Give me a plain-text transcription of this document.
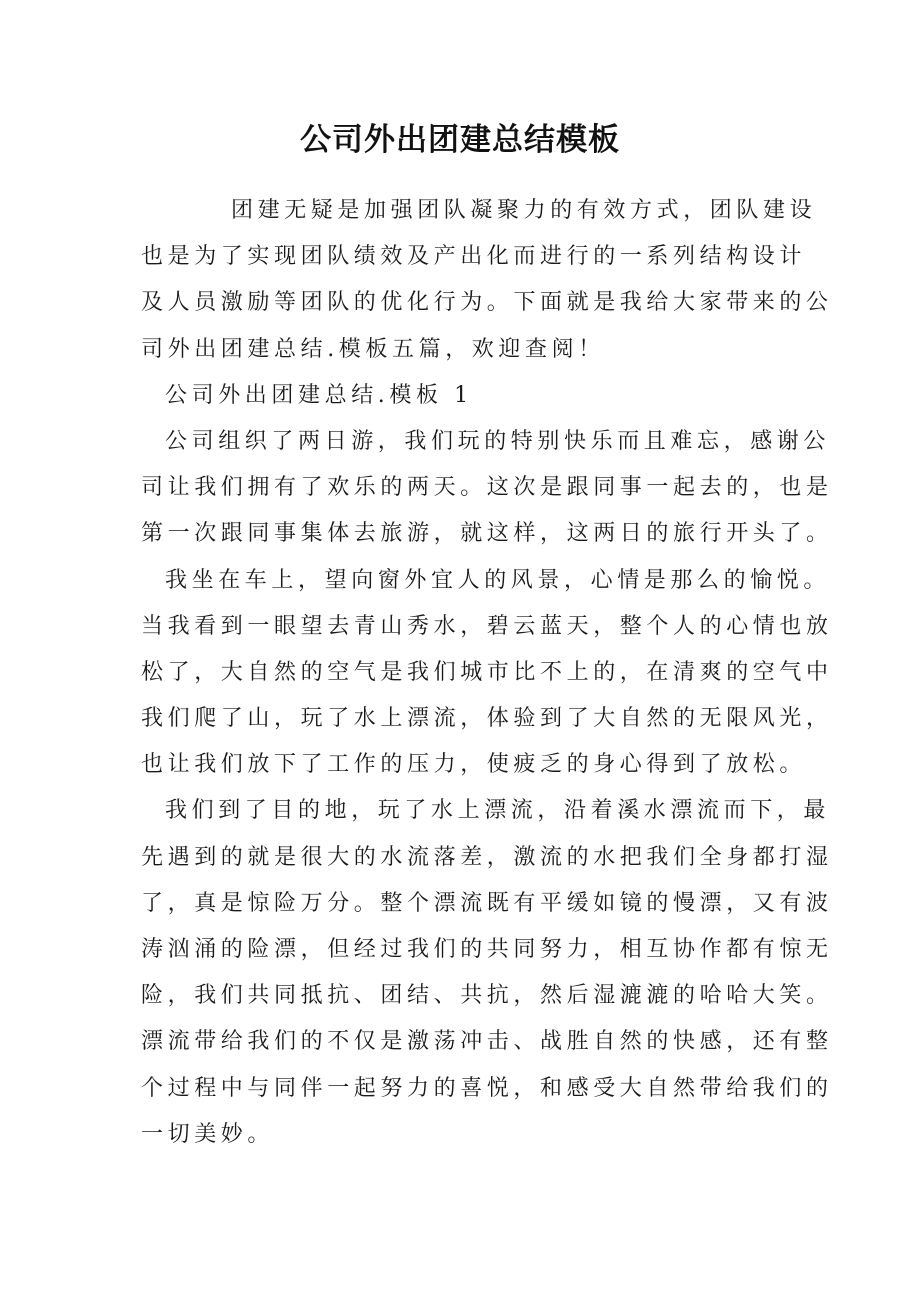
公司外出团建总结模板
团建无疑是加强团队凝聚力的有效方式，团队建设
也是为了实现团队绩效及产出化而进行的一系列结构设计
及人员激励等团队的优化行为。下面就是我给大家带来的公
司外出团建总结.模板五篇，欢迎查阅！
公司外出团建总结.模板 1
公司组织了两日游，我们玩的特别快乐而且难忘，感谢公
司让我们拥有了欢乐的两天。这次是跟同事一起去的，也是
第一次跟同事集体去旅游，就这样，这两日的旅行开头了。
我坐在车上，望向窗外宜人的风景，心情是那么的愉悦。
当我看到一眼望去青山秀水，碧云蓝天，整个人的心情也放
松了，大自然的空气是我们城市比不上的，在清爽的空气中
我们爬了山，玩了水上漂流，体验到了大自然的无限风光，
也让我们放下了工作的压力，使疲乏的身心得到了放松。
我们到了目的地，玩了水上漂流，沿着溪水漂流而下，最
先遇到的就是很大的水流落差，激流的水把我们全身都打湿
了，真是惊险万分。整个漂流既有平缓如镜的慢漂，又有波
涛汹涌的险漂，但经过我们的共同努力，相互协作都有惊无
险，我们共同抵抗、团结、共抗，然后湿漉漉的哈哈大笑。
漂流带给我们的不仅是激荡冲击、战胜自然的快感，还有整
个过程中与同伴一起努力的喜悦，和感受大自然带给我们的
一切美妙。
